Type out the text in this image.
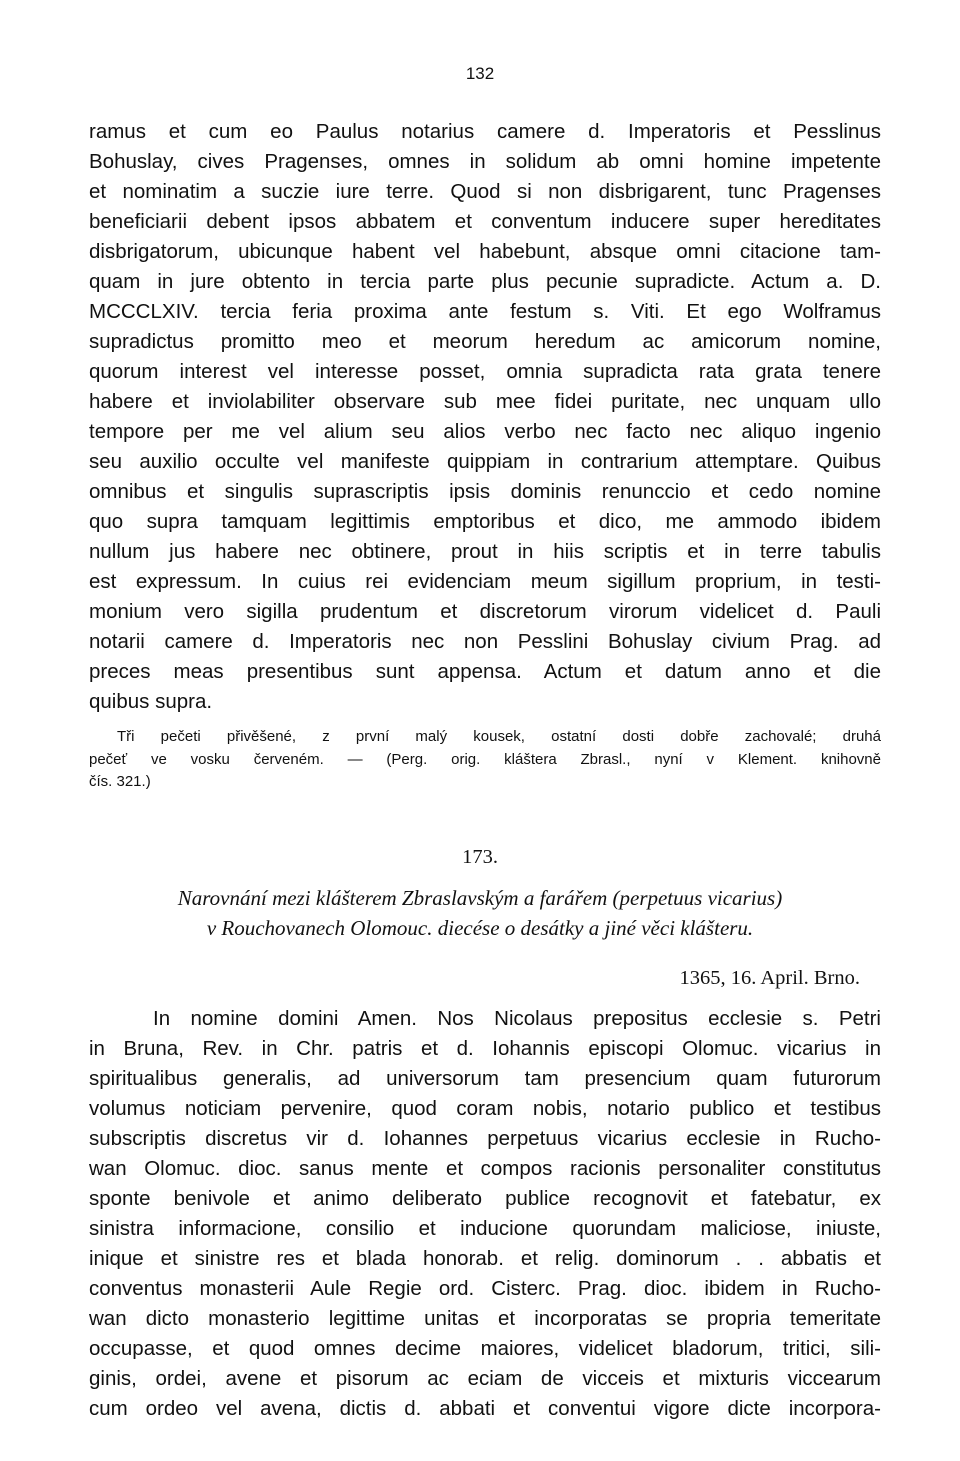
132
ramus et cum eo Paulus notarius camere d. Imperatoris et Pesslinus
Bohuslay, cives Pragenses, omnes in solidum ab omni homine impetente
et nominatim a suczie iure terre. Quod si non disbrigarent, tunc Pragenses
beneficiarii debent ipsos abbatem et conventum inducere super hereditates
disbrigatorum, ubicunque habent vel habebunt, absque omni citacione tam-
quam in jure obtento in tercia parte plus pecunie supradicte. Actum a. D.
MCCCLXIV. tercia feria proxima ante festum s. Viti. Et ego Wolframus
supradictus promitto meo et meorum heredum ac amicorum nomine,
quorum interest vel interesse posset, omnia supradicta rata grata tenere
habere et inviolabiliter observare sub mee fidei puritate, nec unquam ullo
tempore per me vel alium seu alios verbo nec facto nec aliquo ingenio
seu auxilio occulte vel manifeste quippiam in contrarium attemptare. Quibus
omnibus et singulis suprascriptis ipsis dominis renunccio et cedo nomine
quo supra tamquam legittimis emptoribus et dico, me ammodo ibidem
nullum jus habere nec obtinere, prout in hiis scriptis et in terre tabulis
est expressum. In cuius rei evidenciam meum sigillum proprium, in testi-
monium vero sigilla prudentum et discretorum virorum videlicet d. Pauli
notarii camere d. Imperatoris nec non Pesslini Bohuslay civium Prag. ad
preces meas presentibus sunt appensa. Actum et datum anno et die
quibus supra.
Tři pečeti přivěšené, z první malý kousek, ostatní dosti dobře zachovalé; druhá
pečeť ve vosku červeném. — (Perg. orig. kláštera Zbrasl., nyní v Klement. knihovně
čís. 321.)
173.
Narovnání mezi klášterem Zbraslavským a farářem (perpetuus vicarius)
v Rouchovanech Olomouc. diecése o desátky a jiné věci klášteru.
1365, 16. April. Brno.
In nomine domini Amen. Nos Nicolaus prepositus ecclesie s. Petri
in Bruna, Rev. in Chr. patris et d. Iohannis episcopi Olomuc. vicarius in
spiritualibus generalis, ad universorum tam presencium quam futurorum
volumus noticiam pervenire, quod coram nobis, notario publico et testibus
subscriptis discretus vir d. Iohannes perpetuus vicarius ecclesie in Rucho-
wan Olomuc. dioc. sanus mente et compos racionis personaliter constitutus
sponte benivole et animo deliberato publice recognovit et fatebatur, ex
sinistra informacione, consilio et inducione quorundam maliciose, iniuste,
inique et sinistre res et blada honorab. et relig. dominorum . . abbatis et
conventus monasterii Aule Regie ord. Cisterc. Prag. dioc. ibidem in Rucho-
wan dicto monasterio legittime unitas et incorporatas se propria temeritate
occupasse, et quod omnes decime maiores, videlicet bladorum, tritici, sili-
ginis, ordei, avene et pisorum ac eciam de vicceis et mixturis viccearum
cum ordeo vel avena, dictis d. abbati et conventui vigore dicte incorpora-
